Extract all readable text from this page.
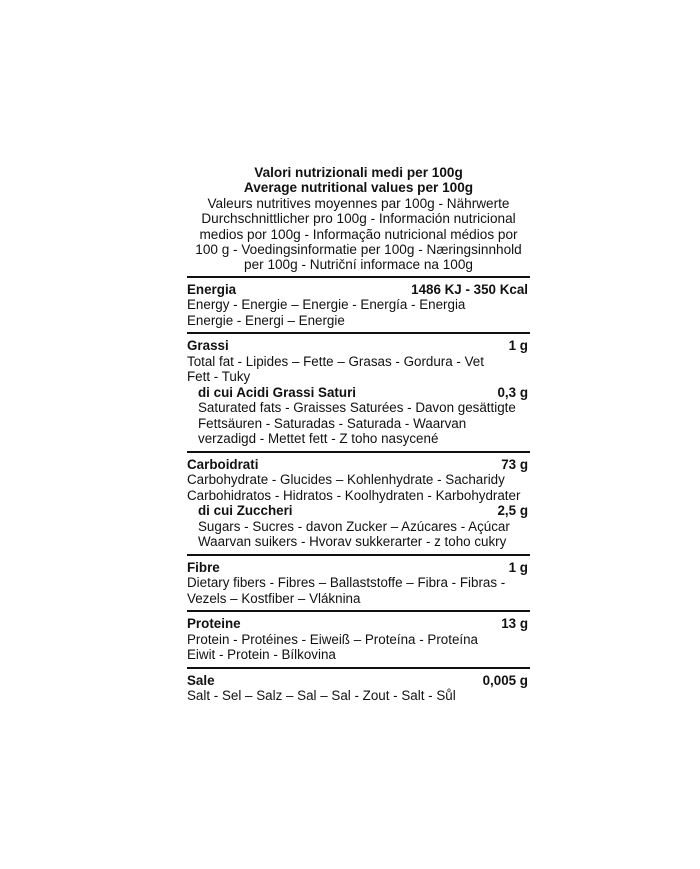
Valori nutrizionali medi per 100g
Average nutritional values per 100g
Valeurs nutritives moyennes par 100g - Nährwerte
Durchschnittlicher pro 100g - Información nutricional
medios por 100g - Informação nutricional médios por
100 g - Voedingsinformatie per 100g - Næringsinnhold
per 100g - Nutriční informace na 100g
Energia	1486 KJ - 350 Kcal
Energy - Energie – Energie - Energía - Energia
Energie - Energi – Energie
Grassi	1 g
Total fat - Lipides – Fette – Grasas - Gordura - Vet
Fett - Tuky
di cui Acidi Grassi Saturi	0,3 g
Saturated fats - Graisses Saturées - Davon gesättigte
Fettsäuren - Saturadas - Saturada - Waarvan
verzadigd - Mettet fett - Z toho nasycené
Carboidrati	73 g
Carbohydrate - Glucides – Kohlenhydrate - Sacharidy
Carbohidratos - Hidratos - Koolhydraten - Karbohydrater
di cui Zuccheri	2,5 g
Sugars - Sucres - davon Zucker – Azúcares - Açúcar
Waarvan suikers - Hvorav sukkerarter - z toho cukry
Fibre	1 g
Dietary fibers - Fibres – Ballaststoffe – Fibra - Fibras -
Vezels – Kostfiber – Vláknina
Proteine	13 g
Protein - Protéines - Eiweiß – Proteína - Proteína
Eiwit - Protein - Bílkovina
Sale	0,005 g
Salt - Sel – Salz – Sal – Sal - Zout - Salt - Sůl
